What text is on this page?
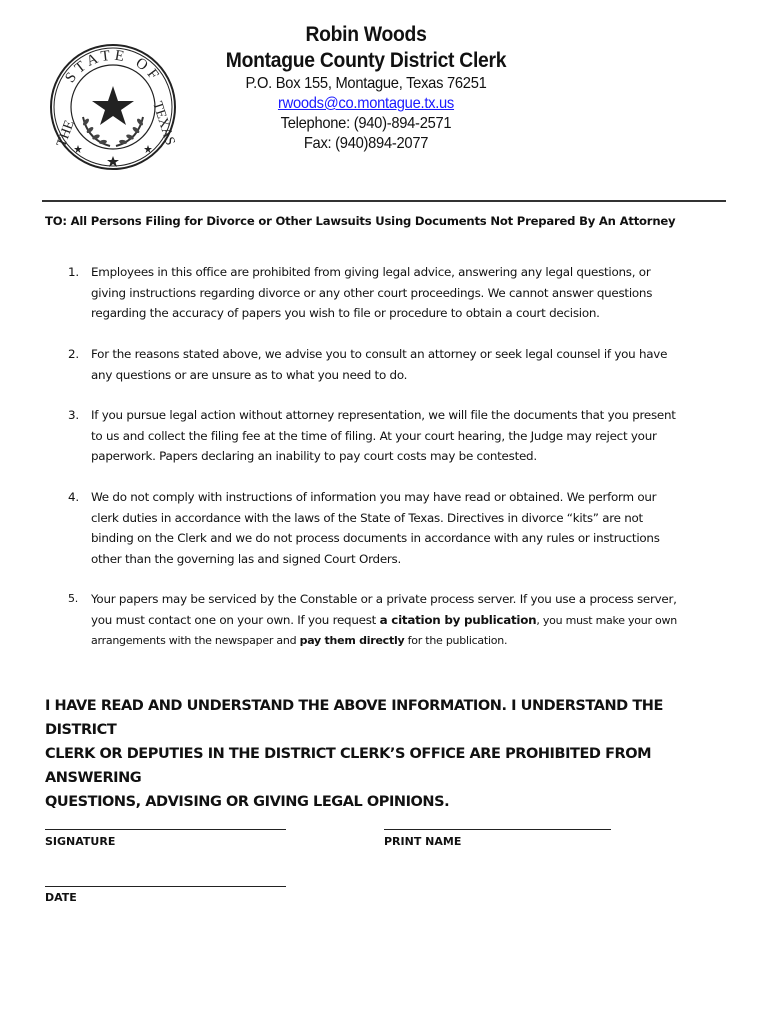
STATE OF
THE	TEXAS
Robin Woods
Montague County District Clerk
P.O. Box 155, Montague, Texas 76251
rwoods@co.montague.tx.us
Telephone: (940)-894-2571
Fax: (940)894-2077
TO: All Persons Filing for Divorce or Other Lawsuits Using Documents Not Prepared By An Attorney
1. Employees in this office are prohibited from giving legal advice, answering any legal questions, or
giving instructions regarding divorce or any other court proceedings. We cannot answer questions
regarding the accuracy of papers you wish to file or procedure to obtain a court decision.
2. For the reasons stated above, we advise you to consult an attorney or seek legal counsel if you have
any questions or are unsure as to what you need to do.
3. If you pursue legal action without attorney representation, we will file the documents that you present
to us and collect the filing fee at the time of filing. At your court hearing, the Judge may reject your
paperwork. Papers declaring an inability to pay court costs may be contested.
4. We do not comply with instructions of information you may have read or obtained. We perform our
clerk duties in accordance with the laws of the State of Texas. Directives in divorce “kits” are not
binding on the Clerk and we do not process documents in accordance with any rules or instructions
other than the governing las and signed Court Orders.
5. Your papers may be serviced by the Constable or a private process server. If you use a process server,
you must contact one on your own. If you request a citation by publication, you must make your own
arrangements with the newspaper and pay them directly for the publication.
I HAVE READ AND UNDERSTAND THE ABOVE INFORMATION. I UNDERSTAND THE DISTRICT
CLERK OR DEPUTIES IN THE DISTRICT CLERK’S OFFICE ARE PROHIBITED FROM ANSWERING
QUESTIONS, ADVISING OR GIVING LEGAL OPINIONS.
SIGNATURE	PRINT NAME
DATE
